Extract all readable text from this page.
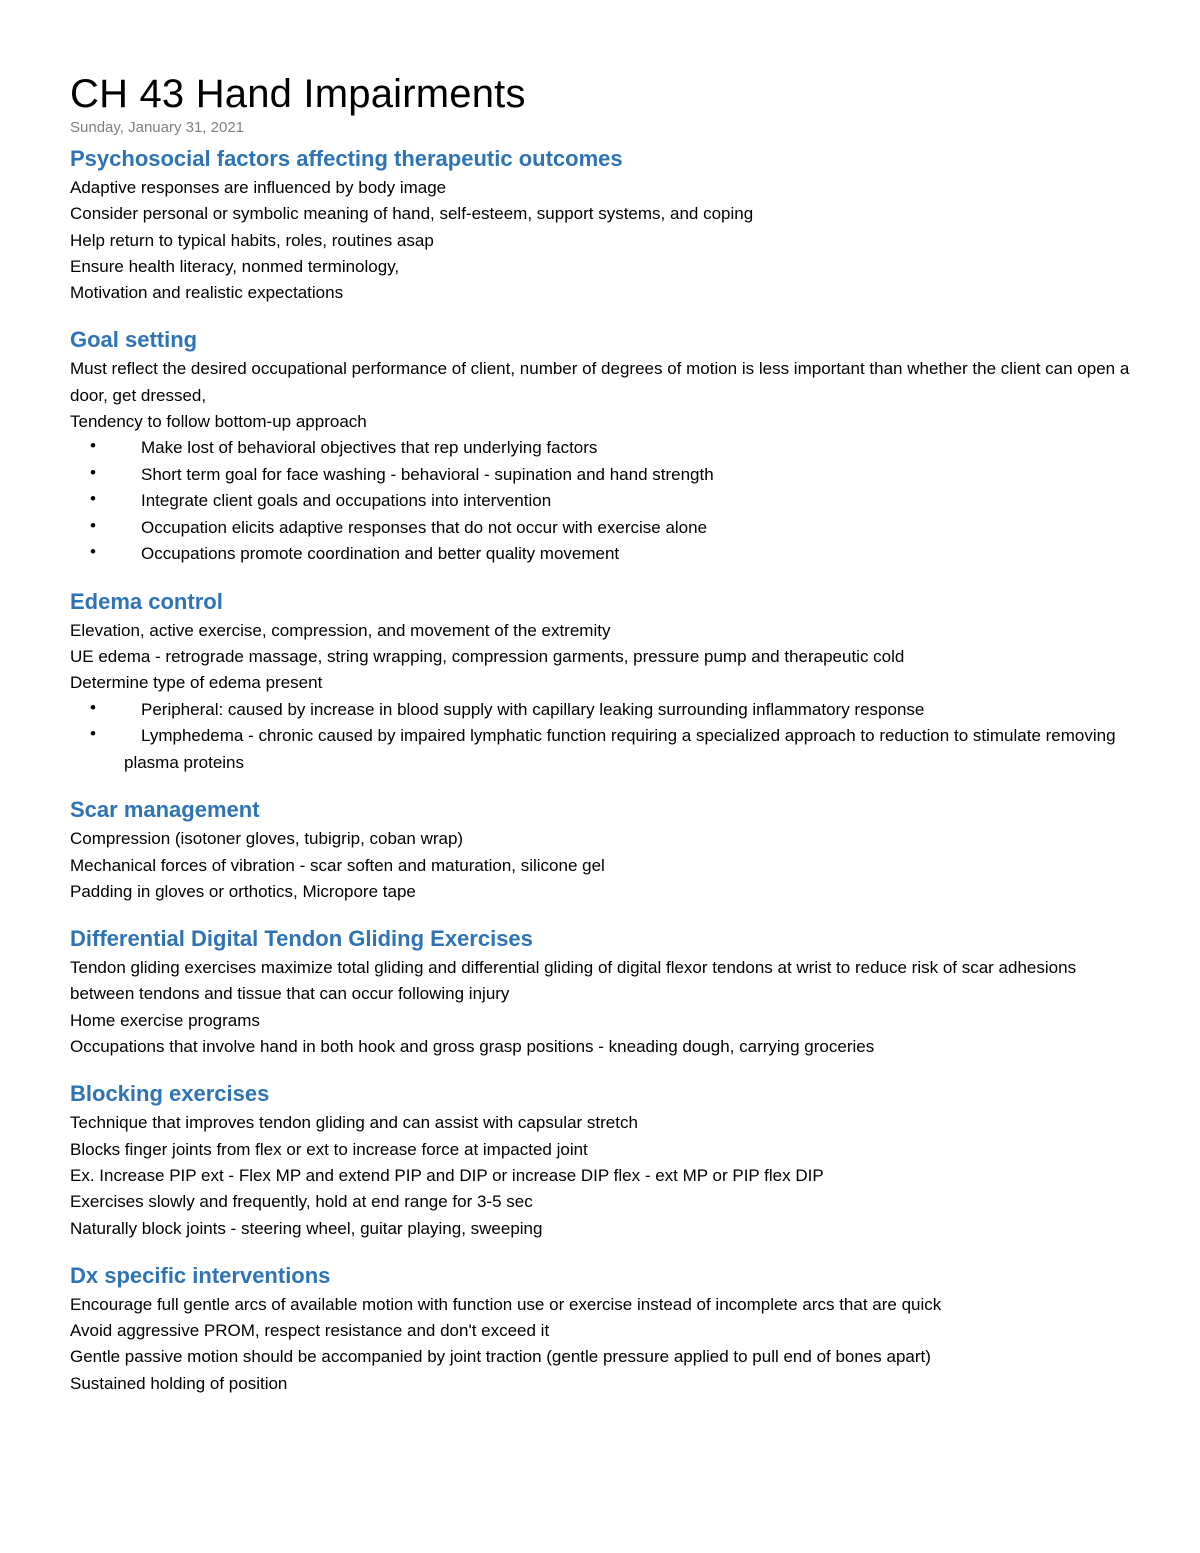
CH 43 Hand Impairments
Sunday, January 31, 2021
Psychosocial factors affecting therapeutic outcomes

Adaptive responses are influenced by body image

Consider personal or symbolic meaning of hand, self-esteem, support systems, and coping

Help return to typical habits, roles, routines asap

Ensure health literacy, nonmed terminology,

Motivation and realistic expectations

Goal setting

Must reflect the desired occupational performance of client, number of degrees of motion is less important than whether the client can open a door, get dressed,

Tendency to follow bottom-up approach

•	Make lost of behavioral objectives that rep underlying factors
•	Short term goal for face washing - behavioral - supination and hand strength
•	Integrate client goals and occupations into intervention
•	Occupation elicits adaptive responses that do not occur with exercise alone
•	Occupations promote coordination and better quality movement
Edema control

Elevation, active exercise, compression, and movement of the extremity

UE edema - retrograde massage, string wrapping, compression garments, pressure pump and therapeutic cold

Determine type of edema present

•	Peripheral: caused by increase in blood supply with capillary leaking surrounding inflammatory response
•	Lymphedema - chronic caused by impaired lymphatic function requiring a specialized approach to reduction to stimulate removing plasma proteins
Scar management

Compression (isotoner gloves, tubigrip, coban wrap)

Mechanical forces of vibration - scar soften and maturation, silicone gel

Padding in gloves or orthotics, Micropore tape

Differential Digital Tendon Gliding Exercises

Tendon gliding exercises maximize total gliding and differential gliding of digital flexor tendons at wrist to reduce risk of scar adhesions between tendons and tissue that can occur following injury

Home exercise programs

Occupations that involve hand in both hook and gross grasp positions - kneading dough, carrying groceries

Blocking exercises

Technique that improves tendon gliding and can assist with capsular stretch

Blocks finger joints from flex or ext to increase force at impacted joint

Ex. Increase PIP ext - Flex MP and extend PIP and DIP or increase DIP flex - ext MP or PIP flex DIP

Exercises slowly and frequently, hold at end range for 3-5 sec

Naturally block joints - steering wheel, guitar playing, sweeping

Dx specific interventions

Encourage full gentle arcs of available motion with function use or exercise instead of incomplete arcs that are quick

Avoid aggressive PROM, respect resistance and don't exceed it

Gentle passive motion should be accompanied by joint traction (gentle pressure applied to pull end of bones apart)

Sustained holding of position
